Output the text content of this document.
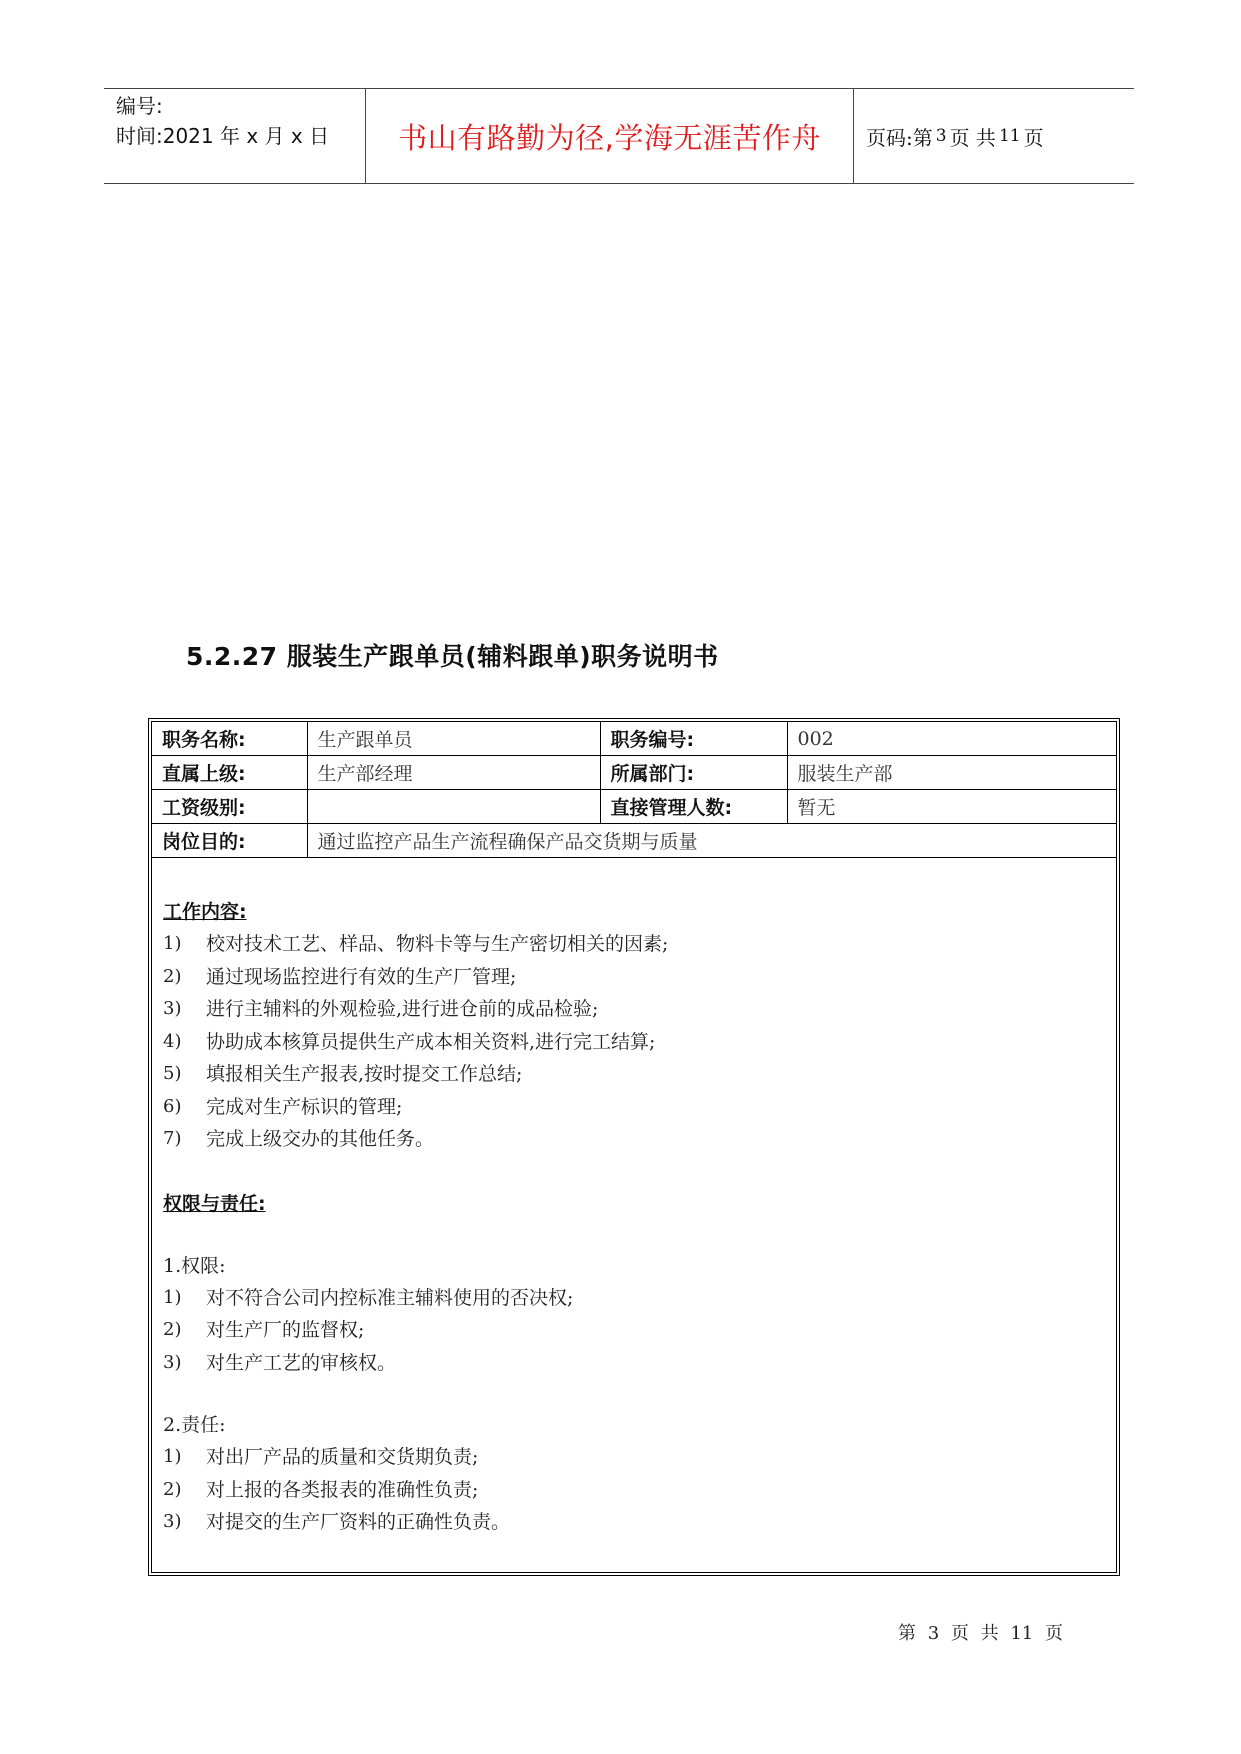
编号:
时间:2021 年 x 月 x 日	书山有路勤为径,学海无涯苦作舟	页码:第 3 页 共 11 页
5.2.27 服装生产跟单员(辅料跟单)职务说明书
职务名称:	生产跟单员	职务编号:	002
直属上级:	生产部经理	所属部门:	服装生产部
工资级别:		直接管理人数:	暂无
岗位目的:	通过监控产品生产流程确保产品交货期与质量		
工作内容:
1)	校对技术工艺、样品、物料卡等与生产密切相关的因素;
2)	通过现场监控进行有效的生产厂管理;
3)	进行主辅料的外观检验,进行进仓前的成品检验;
4)	协助成本核算员提供生产成本相关资料,进行完工结算;
5)	填报相关生产报表,按时提交工作总结;
6)	完成对生产标识的管理;
7)	完成上级交办的其他任务。
权限与责任:
1.权限:
1)	对不符合公司内控标准主辅料使用的否决权;
2)	对生产厂的监督权;
3)	对生产工艺的审核权。
2.责任:
1)	对出厂产品的质量和交货期负责;
2)	对上报的各类报表的准确性负责;
3)	对提交的生产厂资料的正确性负责。
第 3 页 共 11 页
